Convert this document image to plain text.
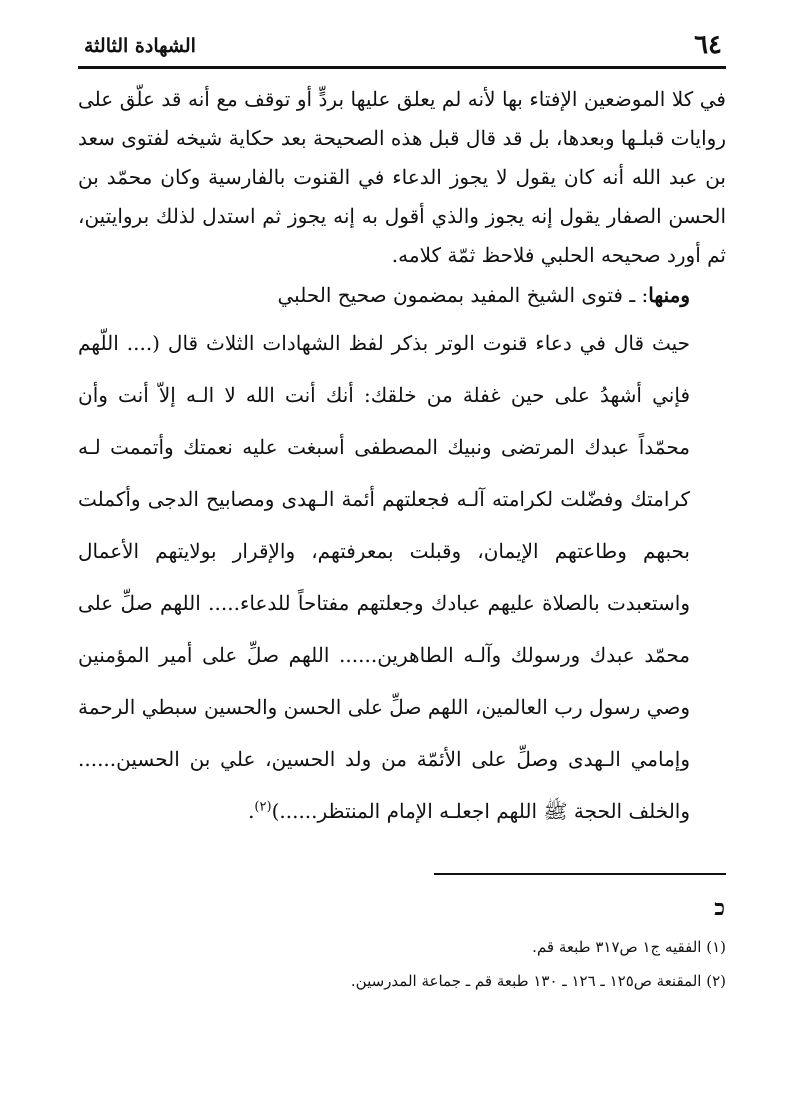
٦٤
الشهادة الثالثة

في كلا الموضعين الإفتاء بها لأنه لم يعلق عليها بردٍّ أو توقف مع أنه قد علّق على روايات قبلـها وبعدها، بل قد قال قبل هذه الصحيحة بعد حكاية شيخه لفتوى سعد بن عبد الله أنه كان يقول لا يجوز الدعاء في القنوت بالفارسية وكان محمّد بن الحسن الصفار يقول إنه يجوز والذي أقول به إنه يجوز ثم استدل لذلك بروايتين، ثم أورد صحيحه الحلبي فلاحظ ثمّة كلامه.

ومنها: ـ فتوى الشيخ المفيد بمضمون صحيح الحلبي

حيث قال في دعاء قنوت الوتر بذكر لفظ الشهادات الثلاث قال (.... اللّهم فإني أشهدُ على حين غفلة من خلقك: أنك أنت الله لا الـه إلاّ أنت وأن محمّداً عبدك المرتضى ونبيك المصطفى أسبغت عليه نعمتك وأتممت لـه كرامتك وفضّلت لكرامته آلـه فجعلتهم أئمة الـهدى ومصابيح الدجى وأكملت بحبهم وطاعتهم الإيمان، وقبلت بمعرفتهم، والإقرار بولايتهم الأعمال واستعبدت بالصلاة عليهم عبادك وجعلتهم مفتاحاً للدعاء..... اللهم صلِّ على محمّد عبدك ورسولك وآلـه الطاهرين...... اللهم صلِّ على أمير المؤمنين وصي رسول رب العالمين، اللهم صلِّ على الحسن والحسين سبطي الرحمة وإمامي الـهدى وصلِّ على الأئمّة من ولد الحسين، علي بن الحسين...... والخلف الحجة ﷺ اللهم اجعلـه الإمام المنتظر......)$^{(٢)}$.

ﬤ

(١) الفقيه ج١ ص٣١٧ طبعة قم.

(٢) المقنعة ص١٢٥ ـ ١٢٦ ـ ١٣٠ طبعة قم ـ جماعة المدرسين.
